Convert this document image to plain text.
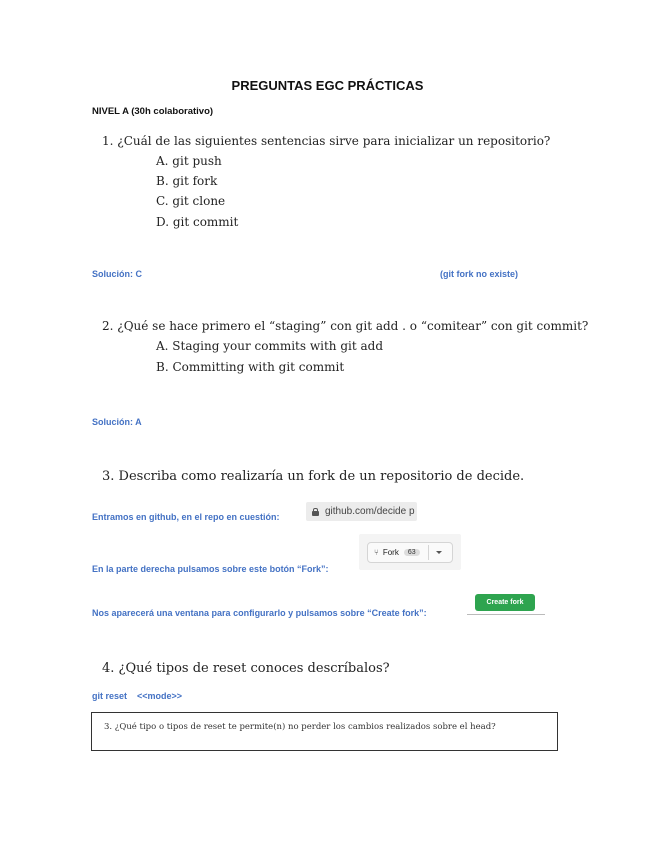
PREGUNTAS EGC PRÁCTICAS
NIVEL A (30h colaborativo)
1. ¿Cuál de las siguientes sentencias sirve para inicializar un repositorio?
A. git push
B. git fork
C. git clone
D. git commit
Solución: C	(git fork no existe)
2. ¿Qué se hace primero el “staging” con git add . o “comitear” con git commit?
A. Staging your commits with git add
B. Committing with git commit
Solución: A
3. Describa como realizaría un fork de un repositorio de decide.
Entramos en github, en el repo en cuestión:	github.com/decide p
En la parte derecha pulsamos sobre este botón “Fork”:
⑂ Fork	63
Nos aparecerá una ventana para configurarlo y pulsamos sobre “Create fork”:
Create fork
4. ¿Qué tipos de reset conoces descríbalos?
git reset    <<mode>>
3. ¿Qué tipo o tipos de reset te permite(n) no perder los cambios realizados sobre el head?
